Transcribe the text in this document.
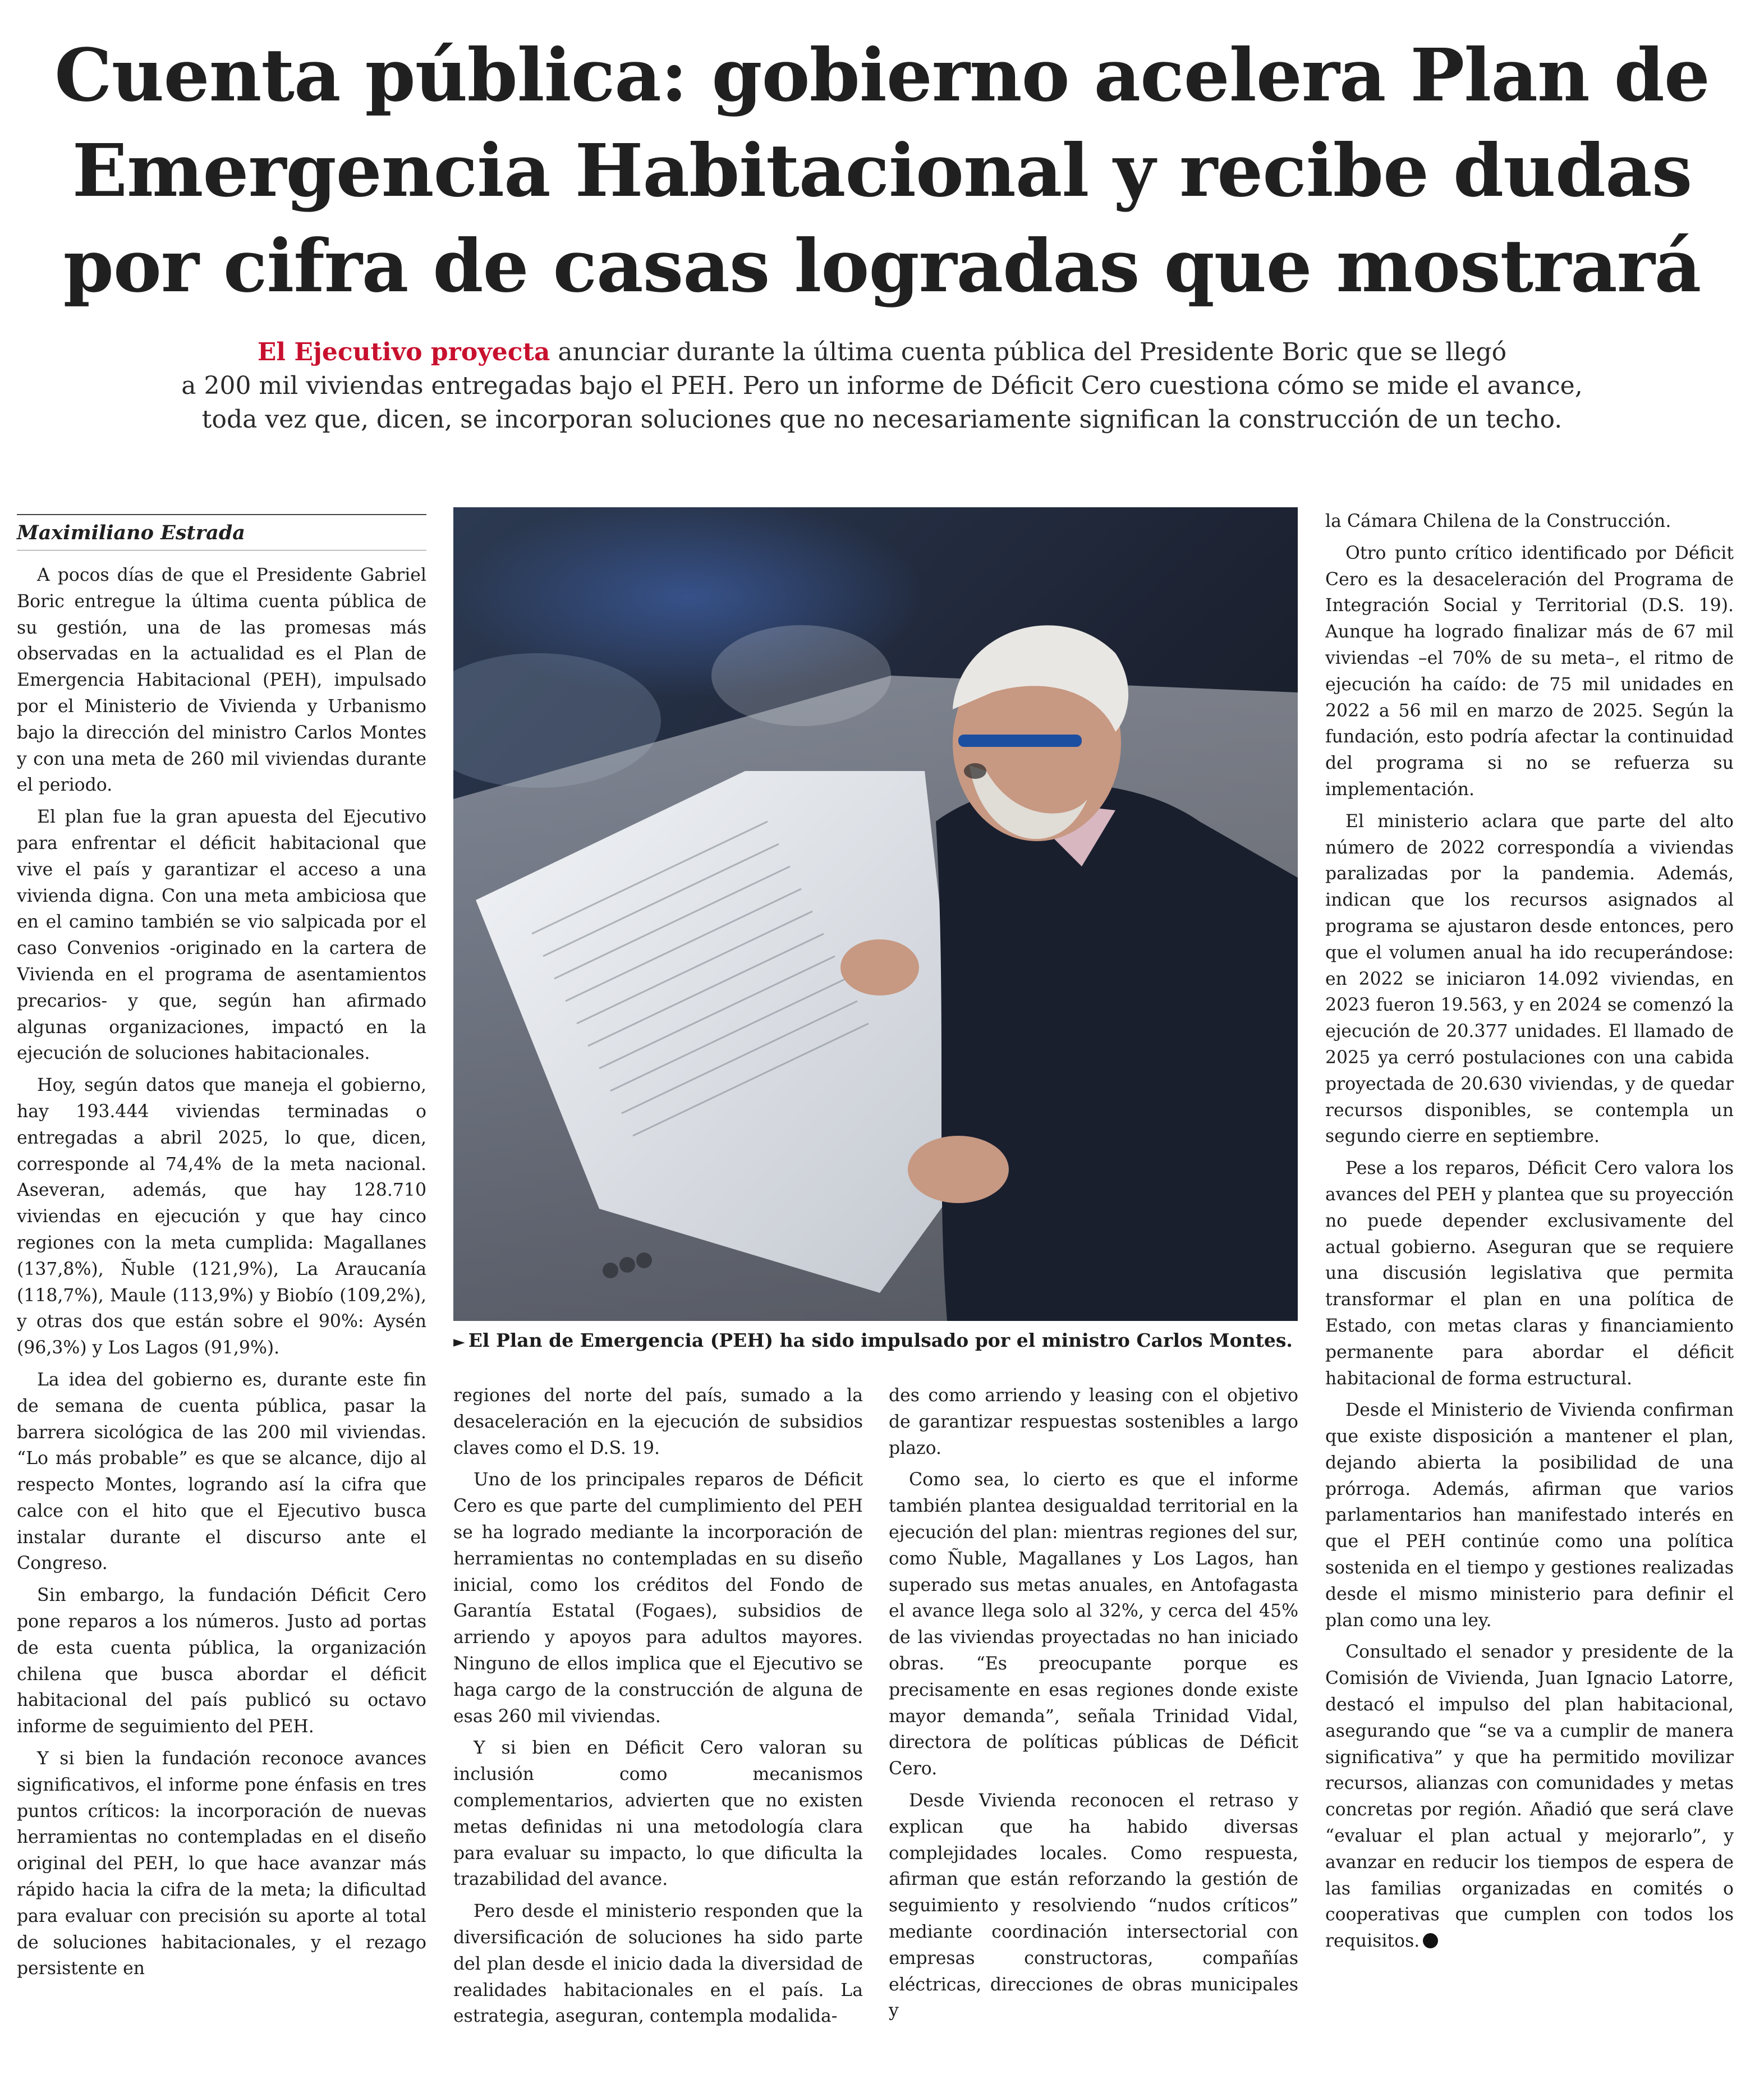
Cuenta pública: gobierno acelera Plan de
Emergencia Habitacional y recibe dudas
por cifra de casas logradas que mostrará
El Ejecutivo proyecta anunciar durante la última cuenta pública del Presidente Boric que se llegó
a 200 mil viviendas entregadas bajo el PEH. Pero un informe de Déficit Cero cuestiona cómo se mide el avance,
toda vez que, dicen, se incorporan soluciones que no necesariamente significan la construcción de un techo.
Maximiliano Estrada

A pocos días de que el Presidente Gabriel Boric entregue la última cuenta pública de su gestión, una de las promesas más observadas en la actualidad es el Plan de Emergencia Habitacional (PEH), impulsado por el Ministerio de Vivienda y Urbanismo bajo la dirección del ministro Carlos Montes y con una meta de 260 mil viviendas durante el periodo.

El plan fue la gran apuesta del Ejecutivo para enfrentar el déficit habitacional que vive el país y garantizar el acceso a una vivienda digna. Con una meta ambiciosa que en el camino también se vio salpicada por el caso Convenios -originado en la cartera de Vivienda en el programa de asentamientos precarios- y que, según han afirmado algunas organizaciones, impactó en la ejecución de soluciones habitacionales.

Hoy, según datos que maneja el gobierno, hay 193.444 viviendas terminadas o entregadas a abril 2025, lo que, dicen, corresponde al 74,4% de la meta nacional. Aseveran, además, que hay 128.710 viviendas en ejecución y que hay cinco regiones con la meta cumplida: Magallanes (137,8%), Ñuble (121,9%), La Araucanía (118,7%), Maule (113,9%) y Biobío (109,2%), y otras dos que están sobre el 90%: Aysén (96,3%) y Los Lagos (91,9%).

La idea del gobierno es, durante este fin de semana de cuenta pública, pasar la barrera sicológica de las 200 mil viviendas. “Lo más probable” es que se alcance, dijo al respecto Montes, logrando así la cifra que calce con el hito que el Ejecutivo busca instalar durante el discurso ante el Congreso.

Sin embargo, la fundación Déficit Cero pone reparos a los números. Justo ad portas de esta cuenta pública, la organización chilena que busca abordar el déficit habitacional del país publicó su octavo informe de seguimiento del PEH.

Y si bien la fundación reconoce avances significativos, el informe pone énfasis en tres puntos críticos: la incorporación de nuevas herramientas no contempladas en el diseño original del PEH, lo que hace avanzar más rápido hacia la cifra de la meta; la dificultad para evaluar con precisión su aporte al total de soluciones habitacionales, y el rezago persistente en

► El Plan de Emergencia (PEH) ha sido impulsado por el ministro Carlos Montes.

regiones del norte del país, sumado a la desaceleración en la ejecución de subsidios claves como el D.S. 19.

Uno de los principales reparos de Déficit Cero es que parte del cumplimiento del PEH se ha logrado mediante la incorporación de herramientas no contempladas en su diseño inicial, como los créditos del Fondo de Garantía Estatal (Fogaes), subsidios de arriendo y apoyos para adultos mayores. Ninguno de ellos implica que el Ejecutivo se haga cargo de la construcción de alguna de esas 260 mil viviendas.

Y si bien en Déficit Cero valoran su inclusión como mecanismos complementarios, advierten que no existen metas definidas ni una metodología clara para evaluar su impacto, lo que dificulta la trazabilidad del avance.

Pero desde el ministerio responden que la diversificación de soluciones ha sido parte del plan desde el inicio dada la diversidad de realidades habitacionales en el país. La estrategia, aseguran, contempla modalida-

des como arriendo y leasing con el objetivo de garantizar respuestas sostenibles a largo plazo.

Como sea, lo cierto es que el informe también plantea desigualdad territorial en la ejecución del plan: mientras regiones del sur, como Ñuble, Magallanes y Los Lagos, han superado sus metas anuales, en Antofagasta el avance llega solo al 32%, y cerca del 45% de las viviendas proyectadas no han iniciado obras. “Es preocupante porque es precisamente en esas regiones donde existe mayor demanda”, señala Trinidad Vidal, directora de políticas públicas de Déficit Cero.

Desde Vivienda reconocen el retraso y explican que ha habido diversas complejidades locales. Como respuesta, afirman que están reforzando la gestión de seguimiento y resolviendo “nudos críticos” mediante coordinación intersectorial con empresas constructoras, compañías eléctricas, direcciones de obras municipales y

la Cámara Chilena de la Construcción.

Otro punto crítico identificado por Déficit Cero es la desaceleración del Programa de Integración Social y Territorial (D.S. 19). Aunque ha logrado finalizar más de 67 mil viviendas –el 70% de su meta–, el ritmo de ejecución ha caído: de 75 mil unidades en 2022 a 56 mil en marzo de 2025. Según la fundación, esto podría afectar la continuidad del programa si no se refuerza su implementación.

El ministerio aclara que parte del alto número de 2022 correspondía a viviendas paralizadas por la pandemia. Además, indican que los recursos asignados al programa se ajustaron desde entonces, pero que el volumen anual ha ido recuperándose: en 2022 se iniciaron 14.092 viviendas, en 2023 fueron 19.563, y en 2024 se comenzó la ejecución de 20.377 unidades. El llamado de 2025 ya cerró postulaciones con una cabida proyectada de 20.630 viviendas, y de quedar recursos disponibles, se contempla un segundo cierre en septiembre.

Pese a los reparos, Déficit Cero valora los avances del PEH y plantea que su proyección no puede depender exclusivamente del actual gobierno. Aseguran que se requiere una discusión legislativa que permita transformar el plan en una política de Estado, con metas claras y financiamiento permanente para abordar el déficit habitacional de forma estructural.

Desde el Ministerio de Vivienda confirman que existe disposición a mantener el plan, dejando abierta la posibilidad de una prórroga. Además, afirman que varios parlamentarios han manifestado interés en que el PEH continúe como una política sostenida en el tiempo y gestiones realizadas desde el mismo ministerio para definir el plan como una ley.

Consultado el senador y presidente de la Comisión de Vivienda, Juan Ignacio Latorre, destacó el impulso del plan habitacional, asegurando que “se va a cumplir de manera significativa” y que ha permitido movilizar recursos, alianzas con comunidades y metas concretas por región. Añadió que será clave “evaluar el plan actual y mejorarlo”, y avanzar en reducir los tiempos de espera de las familias organizadas en comités o cooperativas que cumplen con todos los requisitos.
